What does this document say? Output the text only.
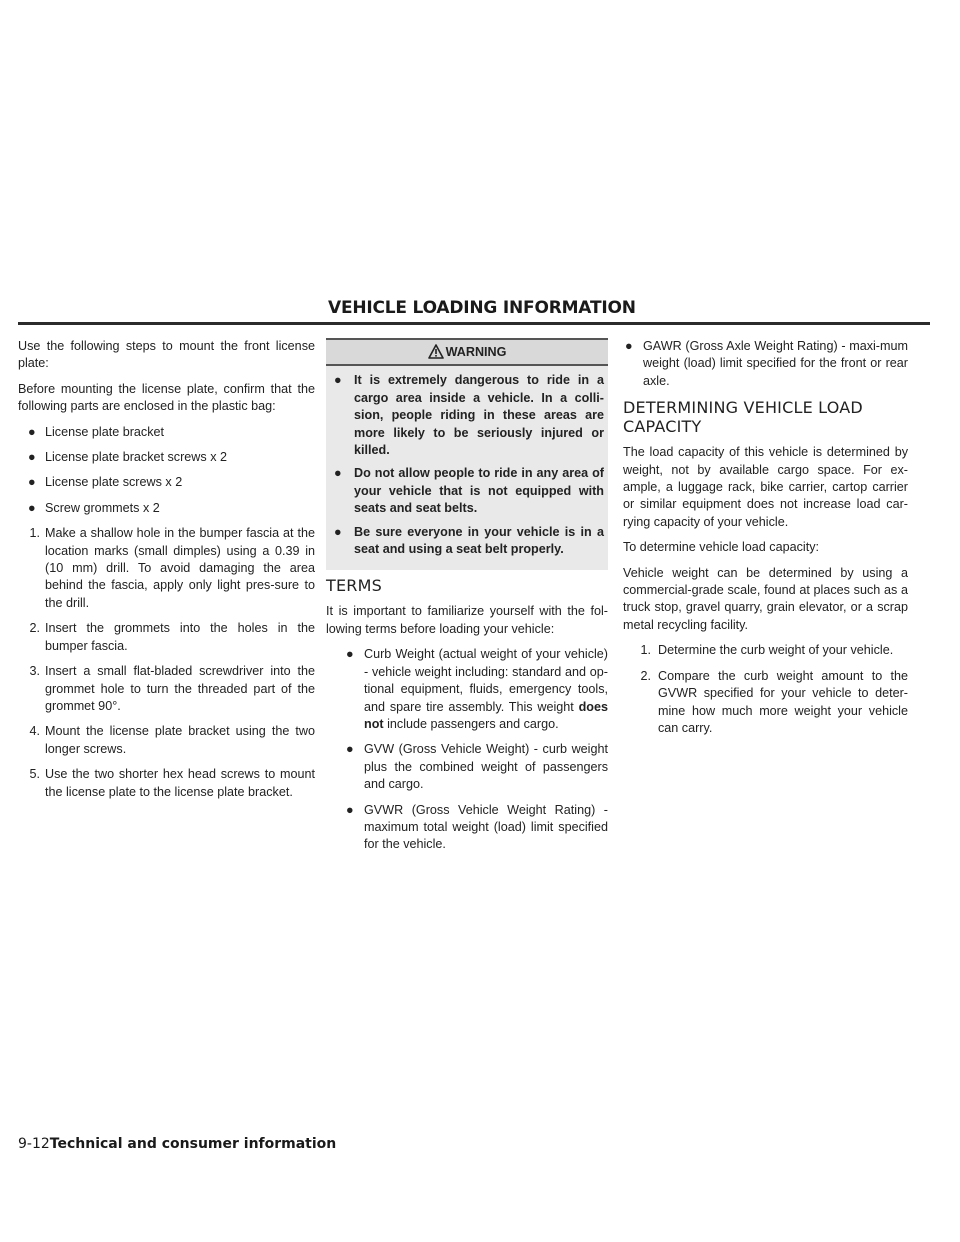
VEHICLE LOADING INFORMATION

Use the following steps to mount the front license plate:

Before mounting the license plate, confirm that the following parts are enclosed in the plastic bag:

● License plate bracket
● License plate bracket screws x 2
● License plate screws x 2
● Screw grommets x 2
1. Make a shallow hole in the bumper fascia at the location marks (small dimples) using a 0.39 in (10 mm) drill. To avoid damaging the area behind the fascia, apply only light pres-sure to the drill.
2. Insert the grommets into the holes in the bumper fascia.
3. Insert a small flat-bladed screwdriver into the grommet hole to turn the threaded part of the grommet 90°.
4. Mount the license plate bracket using the two longer screws.
5. Use the two shorter hex head screws to mount the license plate to the license plate bracket.
WARNING
● It is extremely dangerous to ride in a cargo area inside a vehicle. In a colli-sion, people riding in these areas are more likely to be seriously injured or killed.
● Do not allow people to ride in any area of your vehicle that is not equipped with seats and seat belts.
● Be sure everyone in your vehicle is in a seat and using a seat belt properly.
TERMS

It is important to familiarize yourself with the fol-lowing terms before loading your vehicle:

● Curb Weight (actual weight of your vehicle) - vehicle weight including: standard and op-tional equipment, fluids, emergency tools, and spare tire assembly. This weight does not include passengers and cargo.
● GVW (Gross Vehicle Weight) - curb weight plus the combined weight of passengers and cargo.
● GVWR (Gross Vehicle Weight Rating) - maximum total weight (load) limit specified for the vehicle.
● GAWR (Gross Axle Weight Rating) - maxi-mum weight (load) limit specified for the front or rear axle.
DETERMINING VEHICLE LOAD CAPACITY

The load capacity of this vehicle is determined by weight, not by available cargo space. For ex-ample, a luggage rack, bike carrier, cartop carrier or similar equipment does not increase load car-rying capacity of your vehicle.

To determine vehicle load capacity:

Vehicle weight can be determined by using a commercial-grade scale, found at places such as a truck stop, gravel quarry, grain elevator, or a scrap metal recycling facility.

1. Determine the curb weight of your vehicle.
2. Compare the curb weight amount to the GVWR specified for your vehicle to deter-mine how much more weight your vehicle can carry.
9-12Technical and consumer information
